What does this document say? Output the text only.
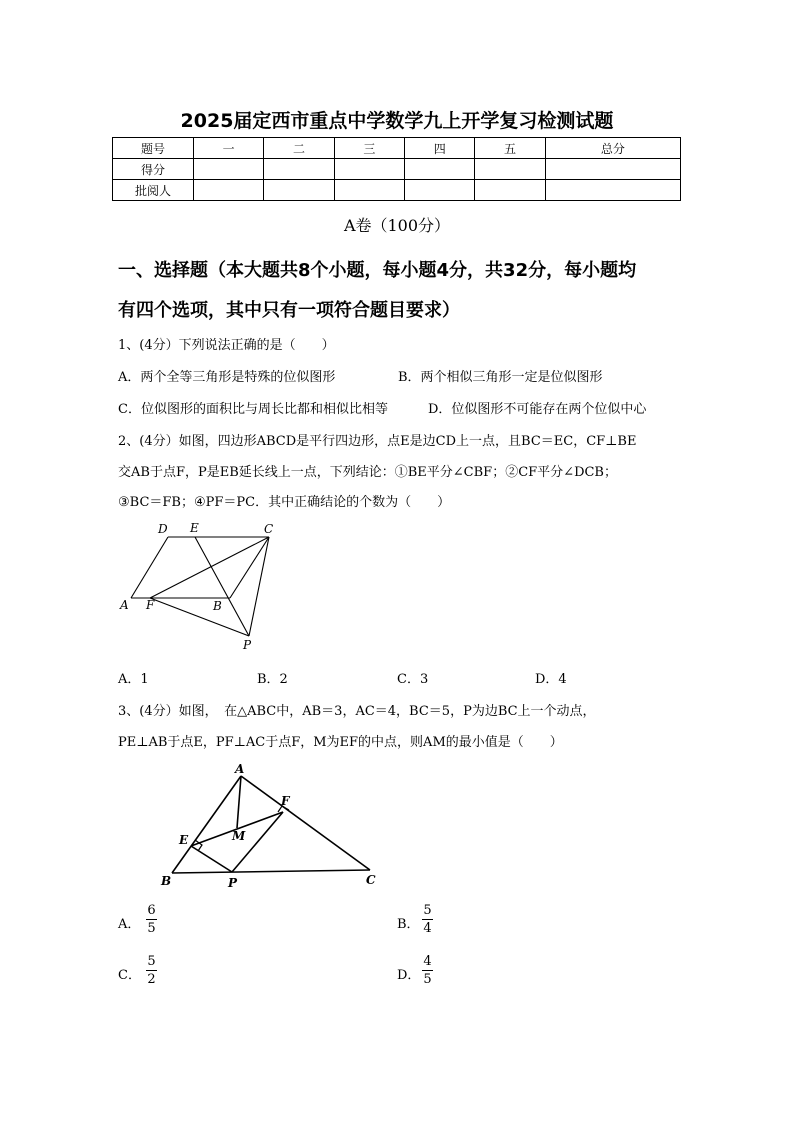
2025届定西市重点中学数学九上开学复习检测试题
题号	一	二	三	四	五	总分
得分						
批阅人						
A卷（100分）
一、选择题（本大题共8个小题，每小题4分，共32分，每小题均
有四个选项，其中只有一项符合题目要求）
1、(4分）下列说法正确的是（　　）
A．两个全等三角形是特殊的位似图形	B．两个相似三角形一定是位似图形
C．位似图形的面积比与周长比都和相似比相等	D．位似图形不可能存在两个位似中心
2、(4分）如图，四边形ABCD是平行四边形，点E是边CD上一点，且BC＝EC，CF⊥BE
交AB于点F，P是EB延长线上一点，下列结论：①BE平分∠CBF；②CF平分∠DCB；
③BC＝FB；④PF＝PC．其中正确结论的个数为（　　）
D E	C
A F	B
P
A．1	B．2	C．3	D．4
3、(4分）如图，　在△ABC中，AB＝3，AC＝4，BC＝5，P为边BC上一个动点，
PE⊥AB于点E，PF⊥AC于点F，M为EF的中点，则AM的最小值是（　　）
A
F
M
E
B	P	C
A．
6
5	B．
5
4
C．
5
2	D．
4
5
